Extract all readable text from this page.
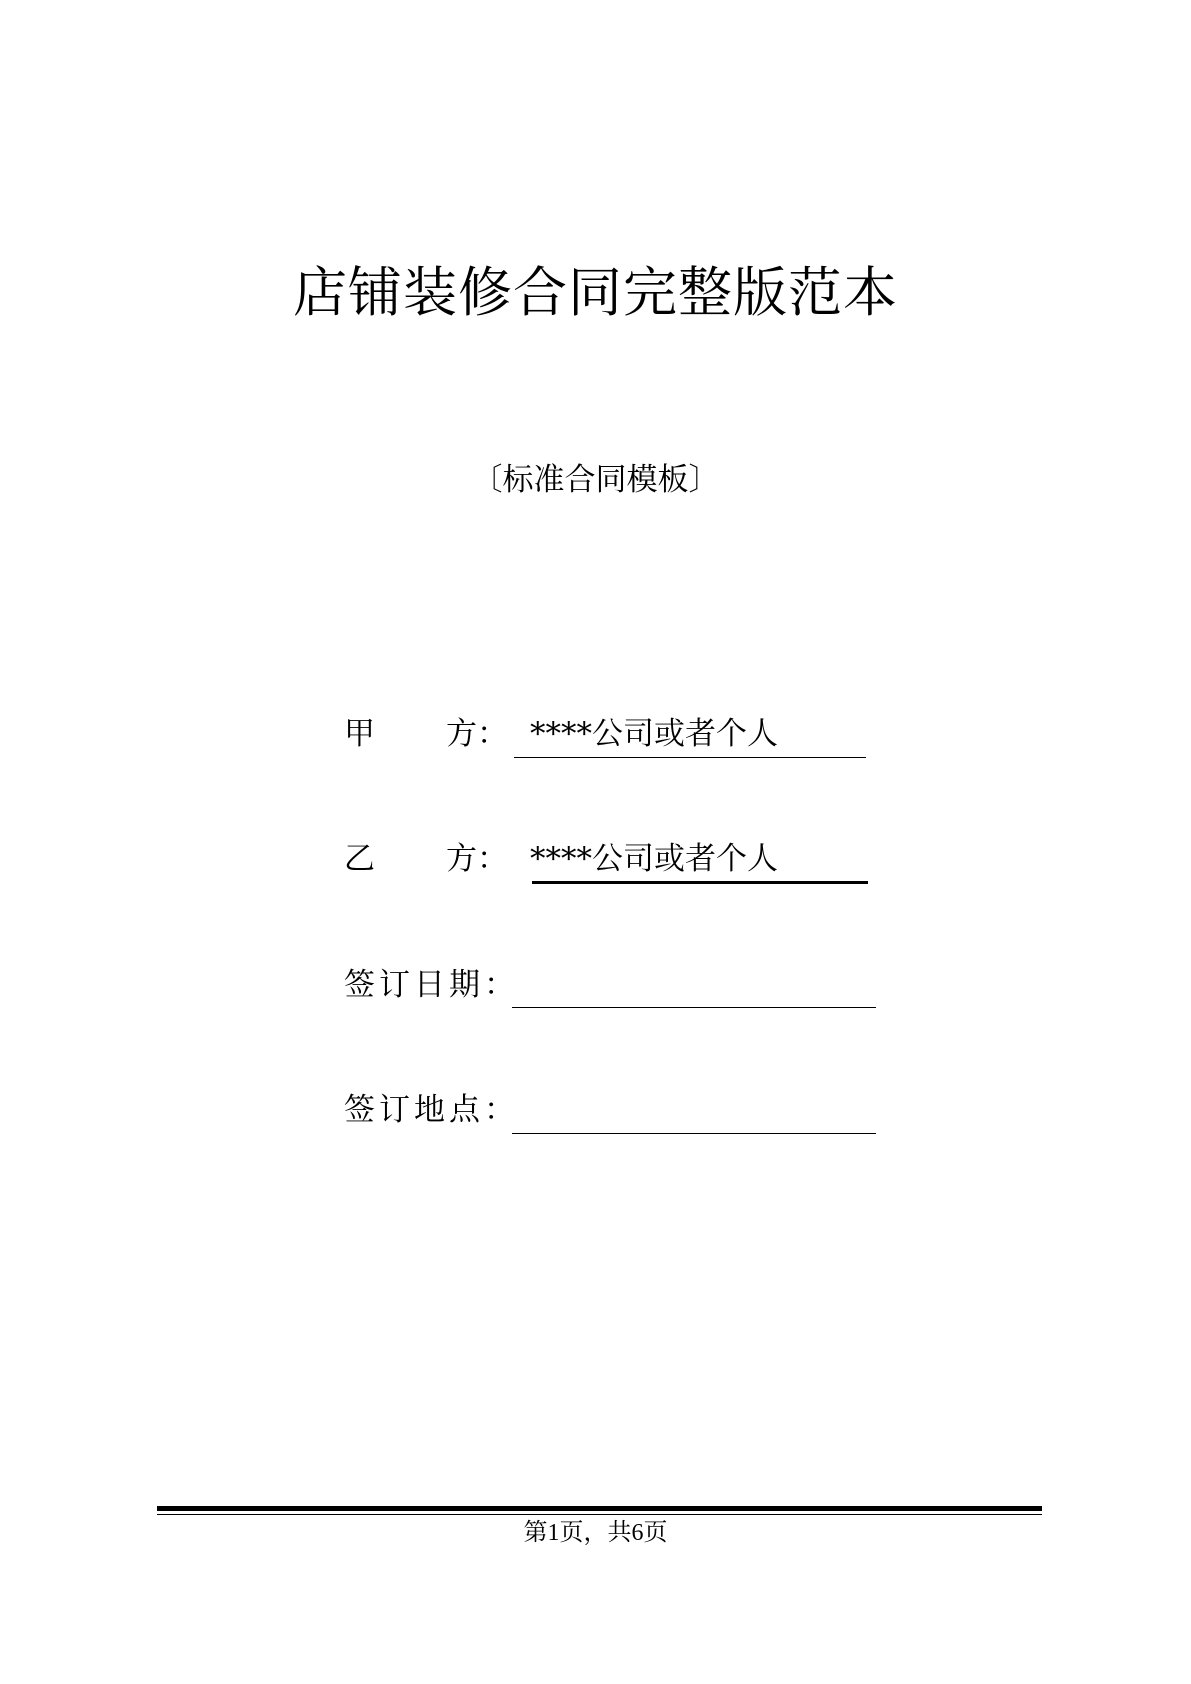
店铺装修合同完整版范本
〔标准合同模板〕
甲 方： ****公司或者个人
乙 方： ****公司或者个人
签订日期：
签订地点：
第1页，共6页
